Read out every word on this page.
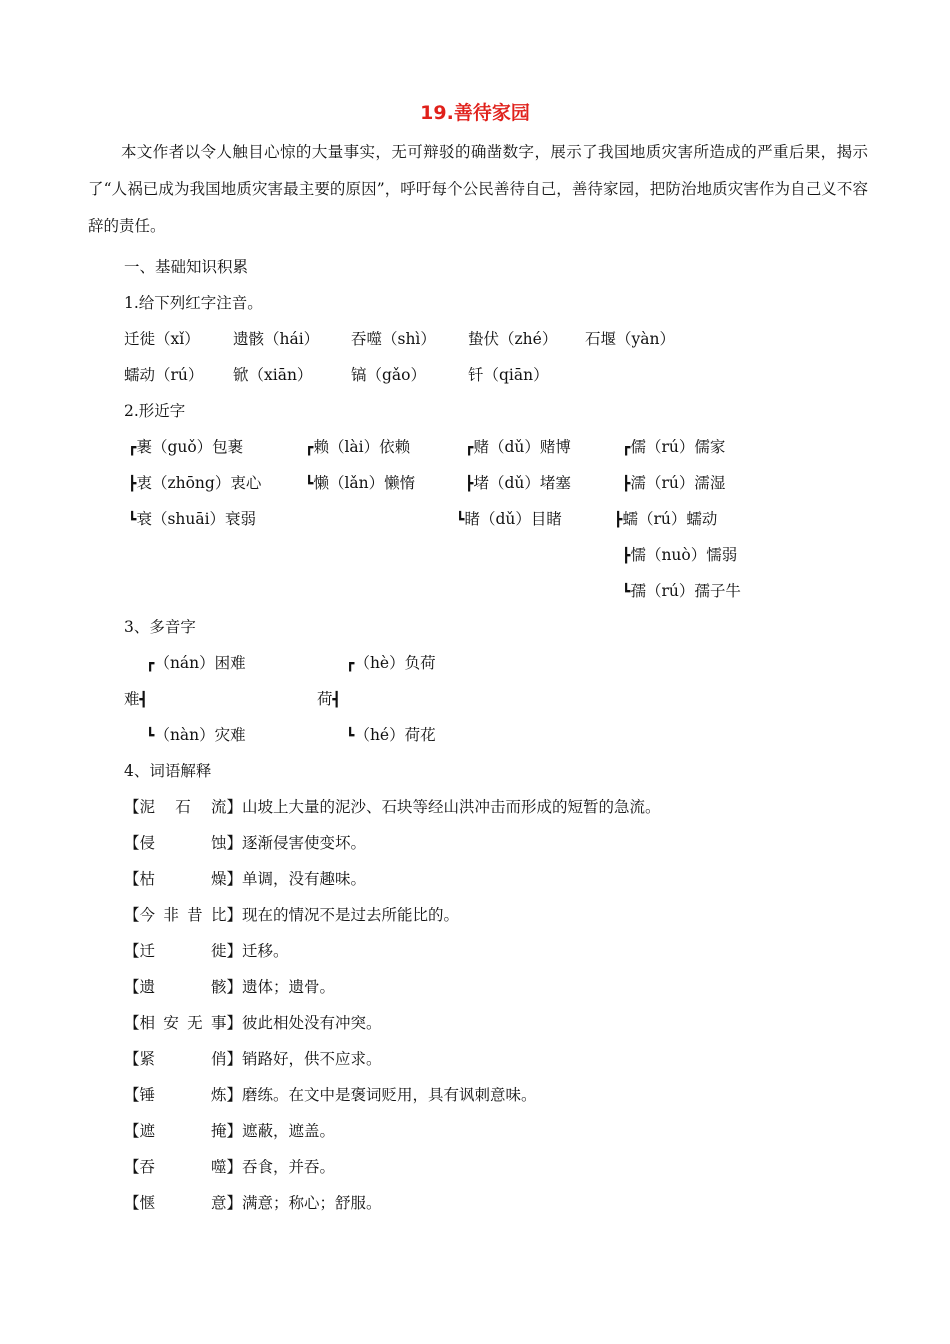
19.善待家园
本文作者以令人触目心惊的大量事实，无可辩驳的确凿数字，展示了我国地质灾害所造成的严重后果，揭示了“人祸已成为我国地质灾害最主要的原因”，呼吁每个公民善待自己，善待家园，把防治地质灾害作为自己义不容辞的责任。
一、基础知识积累
1.给下列红字注音。
迁徙（xǐ） 遗骸（hái） 吞噬（shì） 蛰伏（zhé） 石堰（yàn）
蠕动（rú） 锨（xiān） 镐（gǎo）	钎（qiān）
2.形近字
┏裹（guǒ）包裹
┣衷（zhōng）衷心
┗衰（shuāi）衰弱
┏赖（lài）依赖
┗懒（lǎn）懒惰
┏赌（dǔ）赌博
┣堵（dǔ）堵塞
┗睹（dǔ）目睹
┏儒（rú）儒家
┣濡（rú）濡湿
┣蠕（rú）蠕动
┣懦（nuò）懦弱
┗孺（rú）孺子牛
3、多音字
┏（nán）困难
难┫
┗（nàn）灾难
┏（hè）负荷
荷┫
┗（hé）荷花
4、词语解释
【泥石流】山坡上大量的泥沙、石块等经山洪冲击而形成的短暂的急流。
【侵蚀】逐渐侵害使变坏。
【枯燥】单调，没有趣味。
【今非昔比】现在的情况不是过去所能比的。
【迁徙】迁移。
【遗骸】遗体；遗骨。
【相安无事】彼此相处没有冲突。
【紧俏】销路好，供不应求。
【锤炼】磨练。在文中是褒词贬用，具有讽刺意味。
【遮掩】遮蔽，遮盖。
【吞噬】吞食，并吞。
【惬意】满意；称心；舒服。
